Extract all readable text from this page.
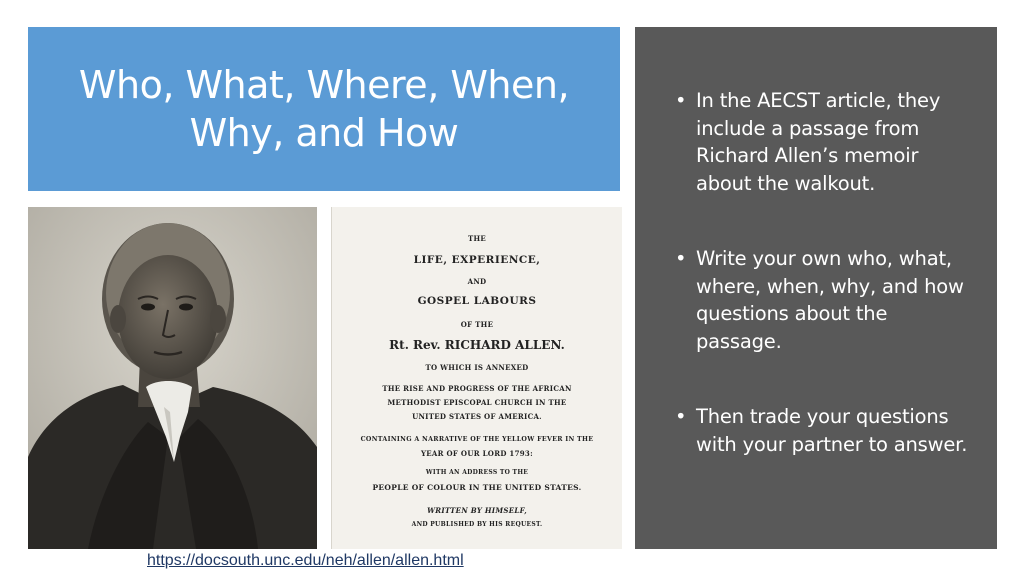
Who, What, Where, When,
Why, and How
• In the AECST article, they include a passage from Richard Allen’s memoir about the walkout.
• Write your own who, what, where, when, why, and how questions about the passage.
• Then trade your questions with your partner to answer.
THE
LIFE, EXPERIENCE,
AND
GOSPEL LABOURS
OF THE
Rt. Rev. RICHARD ALLEN.
TO WHICH IS ANNEXED
THE RISE AND PROGRESS OF THE AFRICAN
METHODIST EPISCOPAL CHURCH IN THE
UNITED STATES OF AMERICA.
CONTAINING A NARRATIVE OF THE YELLOW FEVER IN THE
YEAR OF OUR LORD 1793:
WITH AN ADDRESS TO THE
PEOPLE OF COLOUR IN THE UNITED STATES.
WRITTEN BY HIMSELF,
AND PUBLISHED BY HIS REQUEST.
https://docsouth.unc.edu/neh/allen/allen.html
